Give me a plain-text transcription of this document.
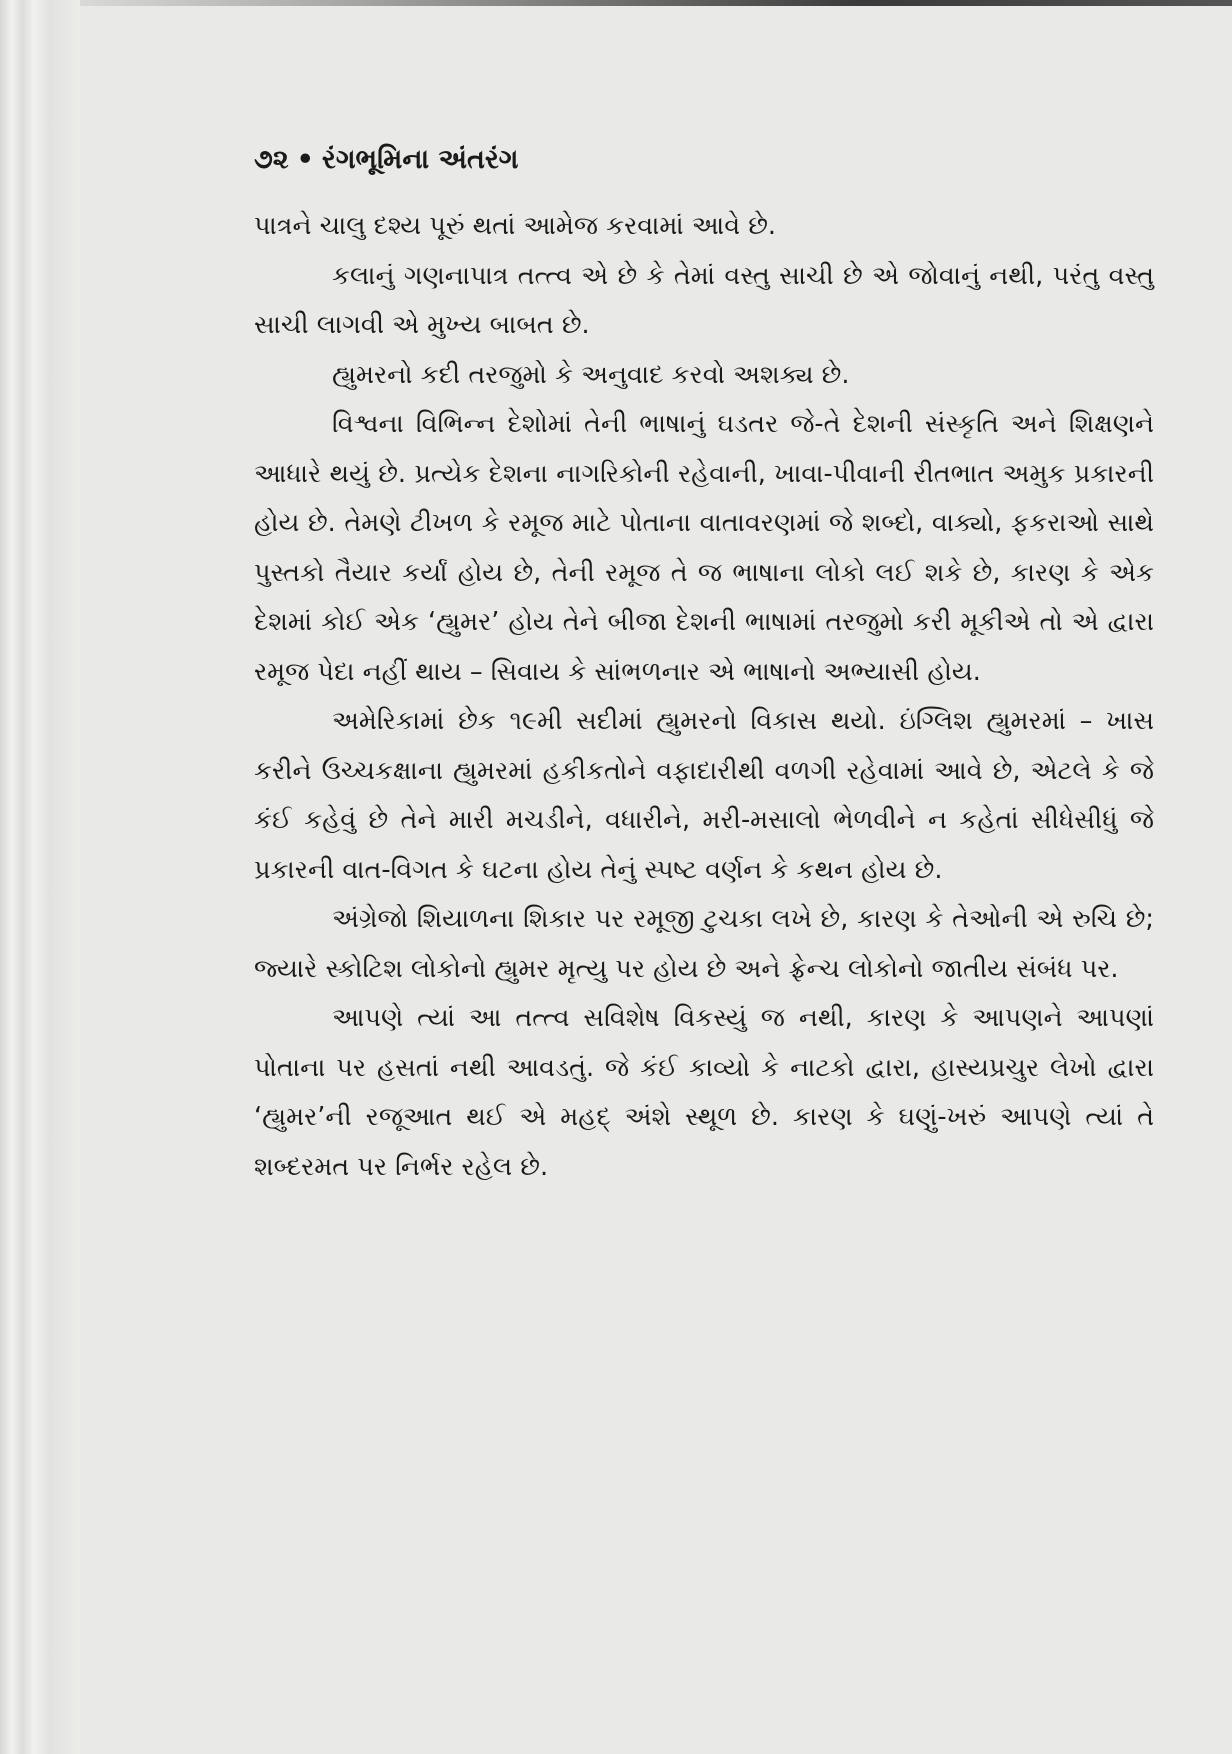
૭૨ • રંગભૂમિના અંતરંગ

પાત્રને ચાલુ દશ્ય પૂરું થતાં આમેજ કરવામાં આવે છે.

કલાનું ગણનાપાત્ર તત્ત્વ એ છે કે તેમાં વસ્તુ સાચી છે એ જોવાનું નથી, પરંતુ વસ્તુ સાચી લાગવી એ મુખ્ય બાબત છે.

હ્યુમરનો કદી તરજુમો કે અનુવાદ કરવો અશક્ય છે.

વિશ્વના વિભિન્ન દેશોમાં તેની ભાષાનું ઘડતર જે-તે દેશની સંસ્કૃતિ અને શિક્ષણને આધારે થયું છે. પ્રત્યેક દેશના નાગરિકોની રહેવાની, ખાવા-પીવાની રીતભાત અમુક પ્રકારની હોય છે. તેમણે ટીખળ કે રમૂજ માટે પોતાના વાતાવરણમાં જે શબ્દો, વાક્યો, ફકરાઓ સાથે પુસ્તકો તૈયાર કર્યાં હોય છે, તેની રમૂજ તે જ ભાષાના લોકો લઈ શકે છે, કારણ કે એક દેશમાં કોઈ એક ‘હ્યુમર’ હોય તેને બીજા દેશની ભાષામાં તરજુમો કરી મૂકીએ તો એ દ્વારા રમૂજ પેદા નહીં થાય – સિવાય કે સાંભળનાર એ ભાષાનો અભ્યાસી હોય.

અમેરિકામાં છેક ૧૯મી સદીમાં હ્યુમરનો વિકાસ થયો. ઇંગ્લિશ હ્યુમરમાં – ખાસ કરીને ઉચ્ચકક્ષાના હ્યુમરમાં હકીકતોને વફાદારીથી વળગી રહેવામાં આવે છે, એટલે કે જે કંઈ કહેવું છે તેને મારી મચડીને, વધારીને, મરી-મસાલો ભેળવીને ન કહેતાં સીધેસીધું જે પ્રકારની વાત-વિગત કે ઘટના હોય તેનું સ્પષ્ટ વર્ણન કે કથન હોય છે.

અંગ્રેજો શિયાળના શિકાર પર રમૂજી ટુચકા લખે છે, કારણ કે તેઓની એ રુચિ છે; જ્યારે સ્કોટિશ લોકોનો હ્યુમર મૃત્યુ પર હોય છે અને ફ્રેન્ચ લોકોનો જાતીય સંબંધ પર.

આપણે ત્યાં આ તત્ત્વ સવિશેષ વિકસ્યું જ નથી, કારણ કે આપણને આપણાં પોતાના પર હસતાં નથી આવડતું. જે કંઈ કાવ્યો કે નાટકો દ્વારા, હાસ્યપ્રચુર લેખો દ્વારા ‘હ્યુમર’ની રજૂઆત થઈ એ મહદ્ અંશે સ્થૂળ છે. કારણ કે ઘણું-ખરું આપણે ત્યાં તે શબ્દરમત પર નિર્ભર રહેલ છે.
